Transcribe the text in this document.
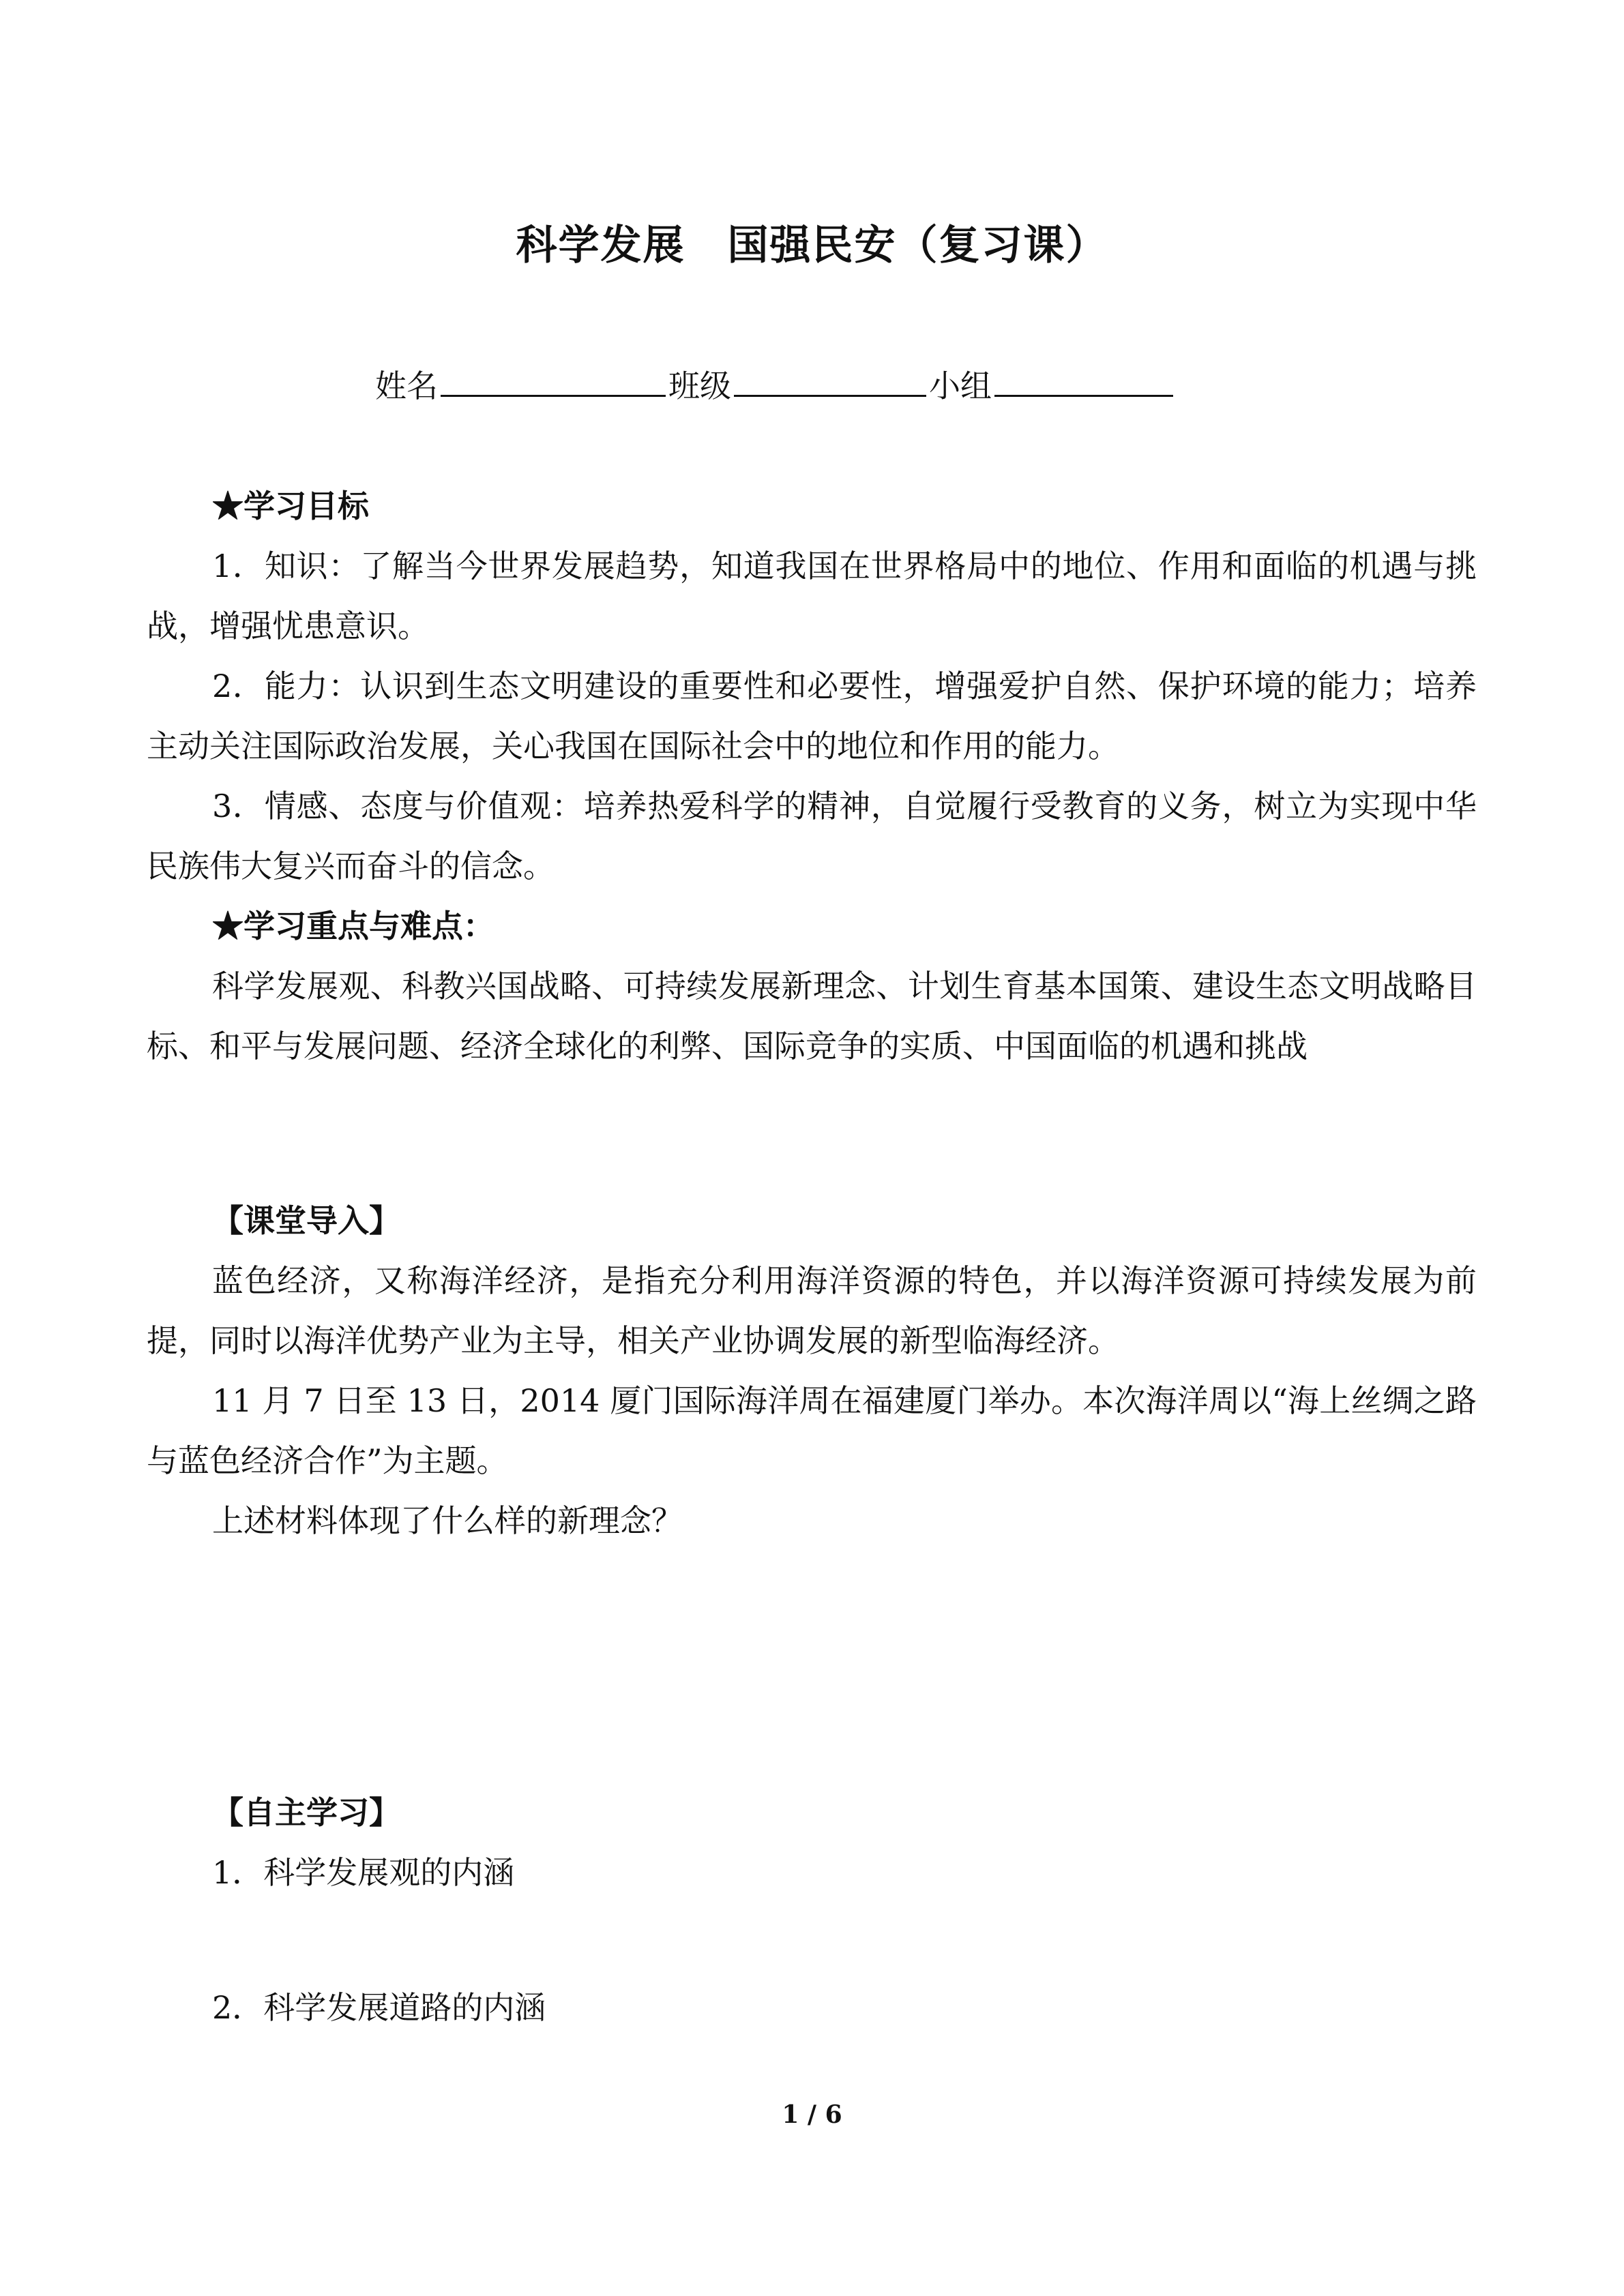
科学发展　国强民安（复习课）
姓名	班级	小组

★学习目标

1．知识：了解当今世界发展趋势，知道我国在世界格局中的地位、作用和面临的机遇与挑战，增强忧患意识。

2．能力：认识到生态文明建设的重要性和必要性，增强爱护自然、保护环境的能力；培养主动关注国际政治发展，关心我国在国际社会中的地位和作用的能力。

3．情感、态度与价值观：培养热爱科学的精神，自觉履行受教育的义务，树立为实现中华民族伟大复兴而奋斗的信念。

★学习重点与难点：

科学发展观、科教兴国战略、可持续发展新理念、计划生育基本国策、建设生态文明战略目标、和平与发展问题、经济全球化的利弊、国际竞争的实质、中国面临的机遇和挑战

【课堂导入】

蓝色经济，又称海洋经济，是指充分利用海洋资源的特色，并以海洋资源可持续发展为前提，同时以海洋优势产业为主导，相关产业协调发展的新型临海经济。

11 月 7 日至 13 日，2014 厦门国际海洋周在福建厦门举办。本次海洋周以“海上丝绸之路与蓝色经济合作”为主题。

上述材料体现了什么样的新理念？

【自主学习】

1．科学发展观的内涵

2．科学发展道路的内涵

1 / 6
